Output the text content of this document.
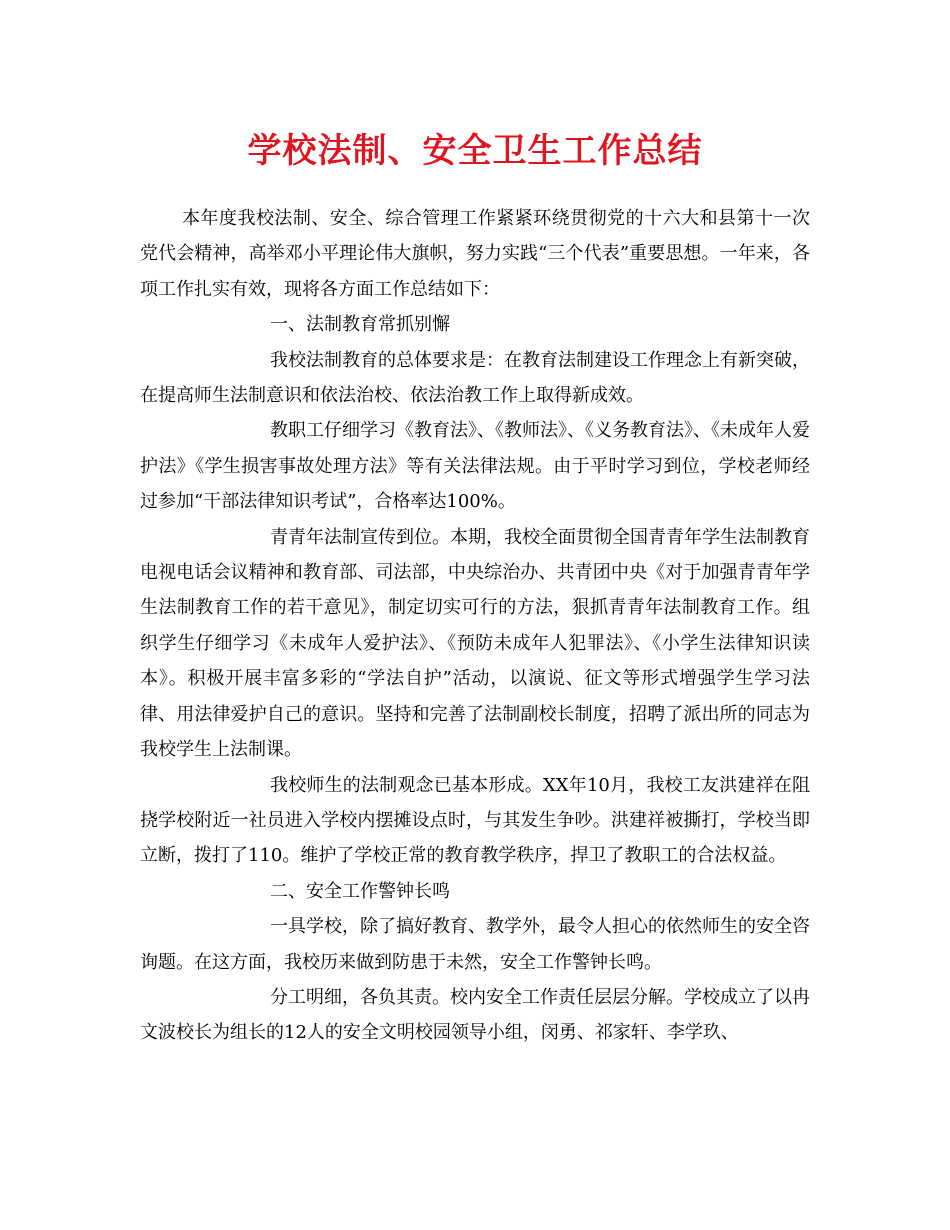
学校法制、安全卫生工作总结

本年度我校法制、安全、综合管理工作紧紧环绕贯彻党的十六大和县第十一次党代会精神，高举邓小平理论伟大旗帜，努力实践“三个代表”重要思想。一年来，各项工作扎实有效，现将各方面工作总结如下：

一、法制教育常抓别懈

我校法制教育的总体要求是：在教育法制建设工作理念上有新突破，在提高师生法制意识和依法治校、依法治教工作上取得新成效。

教职工仔细学习《教育法》、《教师法》、《义务教育法》、《未成年人爱护法》《学生损害事故处理方法》等有关法律法规。由于平时学习到位，学校老师经过参加“干部法律知识考试”，合格率达100%。

青青年法制宣传到位。本期，我校全面贯彻全国青青年学生法制教育电视电话会议精神和教育部、司法部，中央综治办、共青团中央《对于加强青青年学生法制教育工作的若干意见》，制定切实可行的方法，狠抓青青年法制教育工作。组织学生仔细学习《未成年人爱护法》、《预防未成年人犯罪法》、《小学生法律知识读本》。积极开展丰富多彩的“学法自护”活动，以演说、征文等形式增强学生学习法律、用法律爱护自己的意识。坚持和完善了法制副校长制度，招聘了派出所的同志为我校学生上法制课。

我校师生的法制观念已基本形成。XX年10月，我校工友洪建祥在阻挠学校附近一社员进入学校内摆摊设点时，与其发生争吵。洪建祥被撕打，学校当即立断，拨打了110。维护了学校正常的教育教学秩序，捍卫了教职工的合法权益。

二、安全工作警钟长鸣

一具学校，除了搞好教育、教学外，最令人担心的依然师生的安全咨询题。在这方面，我校历来做到防患于未然，安全工作警钟长鸣。

分工明细，各负其责。校内安全工作责任层层分解。学校成立了以冉文波校长为组长的12人的安全文明校园领导小组，闵勇、祁家轩、李学玖、
